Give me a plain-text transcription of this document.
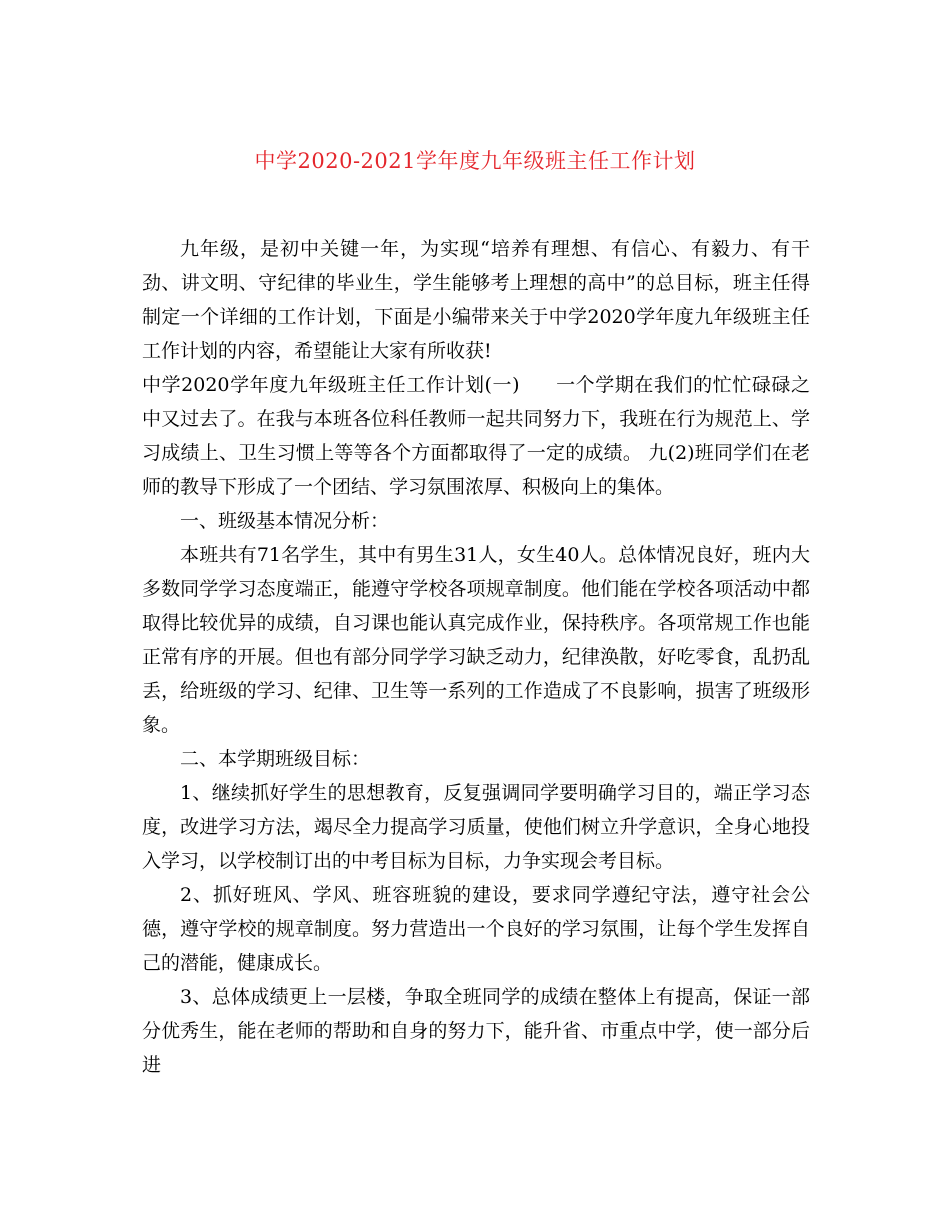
中学2020-2021学年度九年级班主任工作计划

九年级，是初中关键一年，为实现“培养有理想、有信心、有毅力、有干劲、讲文明、守纪律的毕业生，学生能够考上理想的高中”的总目标，班主任得制定一个详细的工作计划，下面是小编带来关于中学2020学年度九年级班主任工作计划的内容，希望能让大家有所收获!

中学2020学年度九年级班主任工作计划(一) 一个学期在我们的忙忙碌碌之中又过去了。在我与本班各位科任教师一起共同努力下，我班在行为规范上、学习成绩上、卫生习惯上等等各个方面都取得了一定的成绩。 九(2)班同学们在老师的教导下形成了一个团结、学习氛围浓厚、积极向上的集体。

一、班级基本情况分析：

本班共有71名学生，其中有男生31人，女生40人。总体情况良好，班内大多数同学学习态度端正，能遵守学校各项规章制度。他们能在学校各项活动中都取得比较优异的成绩，自习课也能认真完成作业，保持秩序。各项常规工作也能正常有序的开展。但也有部分同学学习缺乏动力，纪律涣散，好吃零食，乱扔乱丢，给班级的学习、纪律、卫生等一系列的工作造成了不良影响，损害了班级形象。

二、本学期班级目标：

1、继续抓好学生的思想教育，反复强调同学要明确学习目的，端正学习态度，改进学习方法，竭尽全力提高学习质量，使他们树立升学意识，全身心地投入学习，以学校制订出的中考目标为目标，力争实现会考目标。

2、抓好班风、学风、班容班貌的建设，要求同学遵纪守法，遵守社会公德，遵守学校的规章制度。努力营造出一个良好的学习氛围，让每个学生发挥自己的潜能，健康成长。

3、总体成绩更上一层楼，争取全班同学的成绩在整体上有提高，保证一部分优秀生，能在老师的帮助和自身的努力下，能升省、市重点中学，使一部分后进
